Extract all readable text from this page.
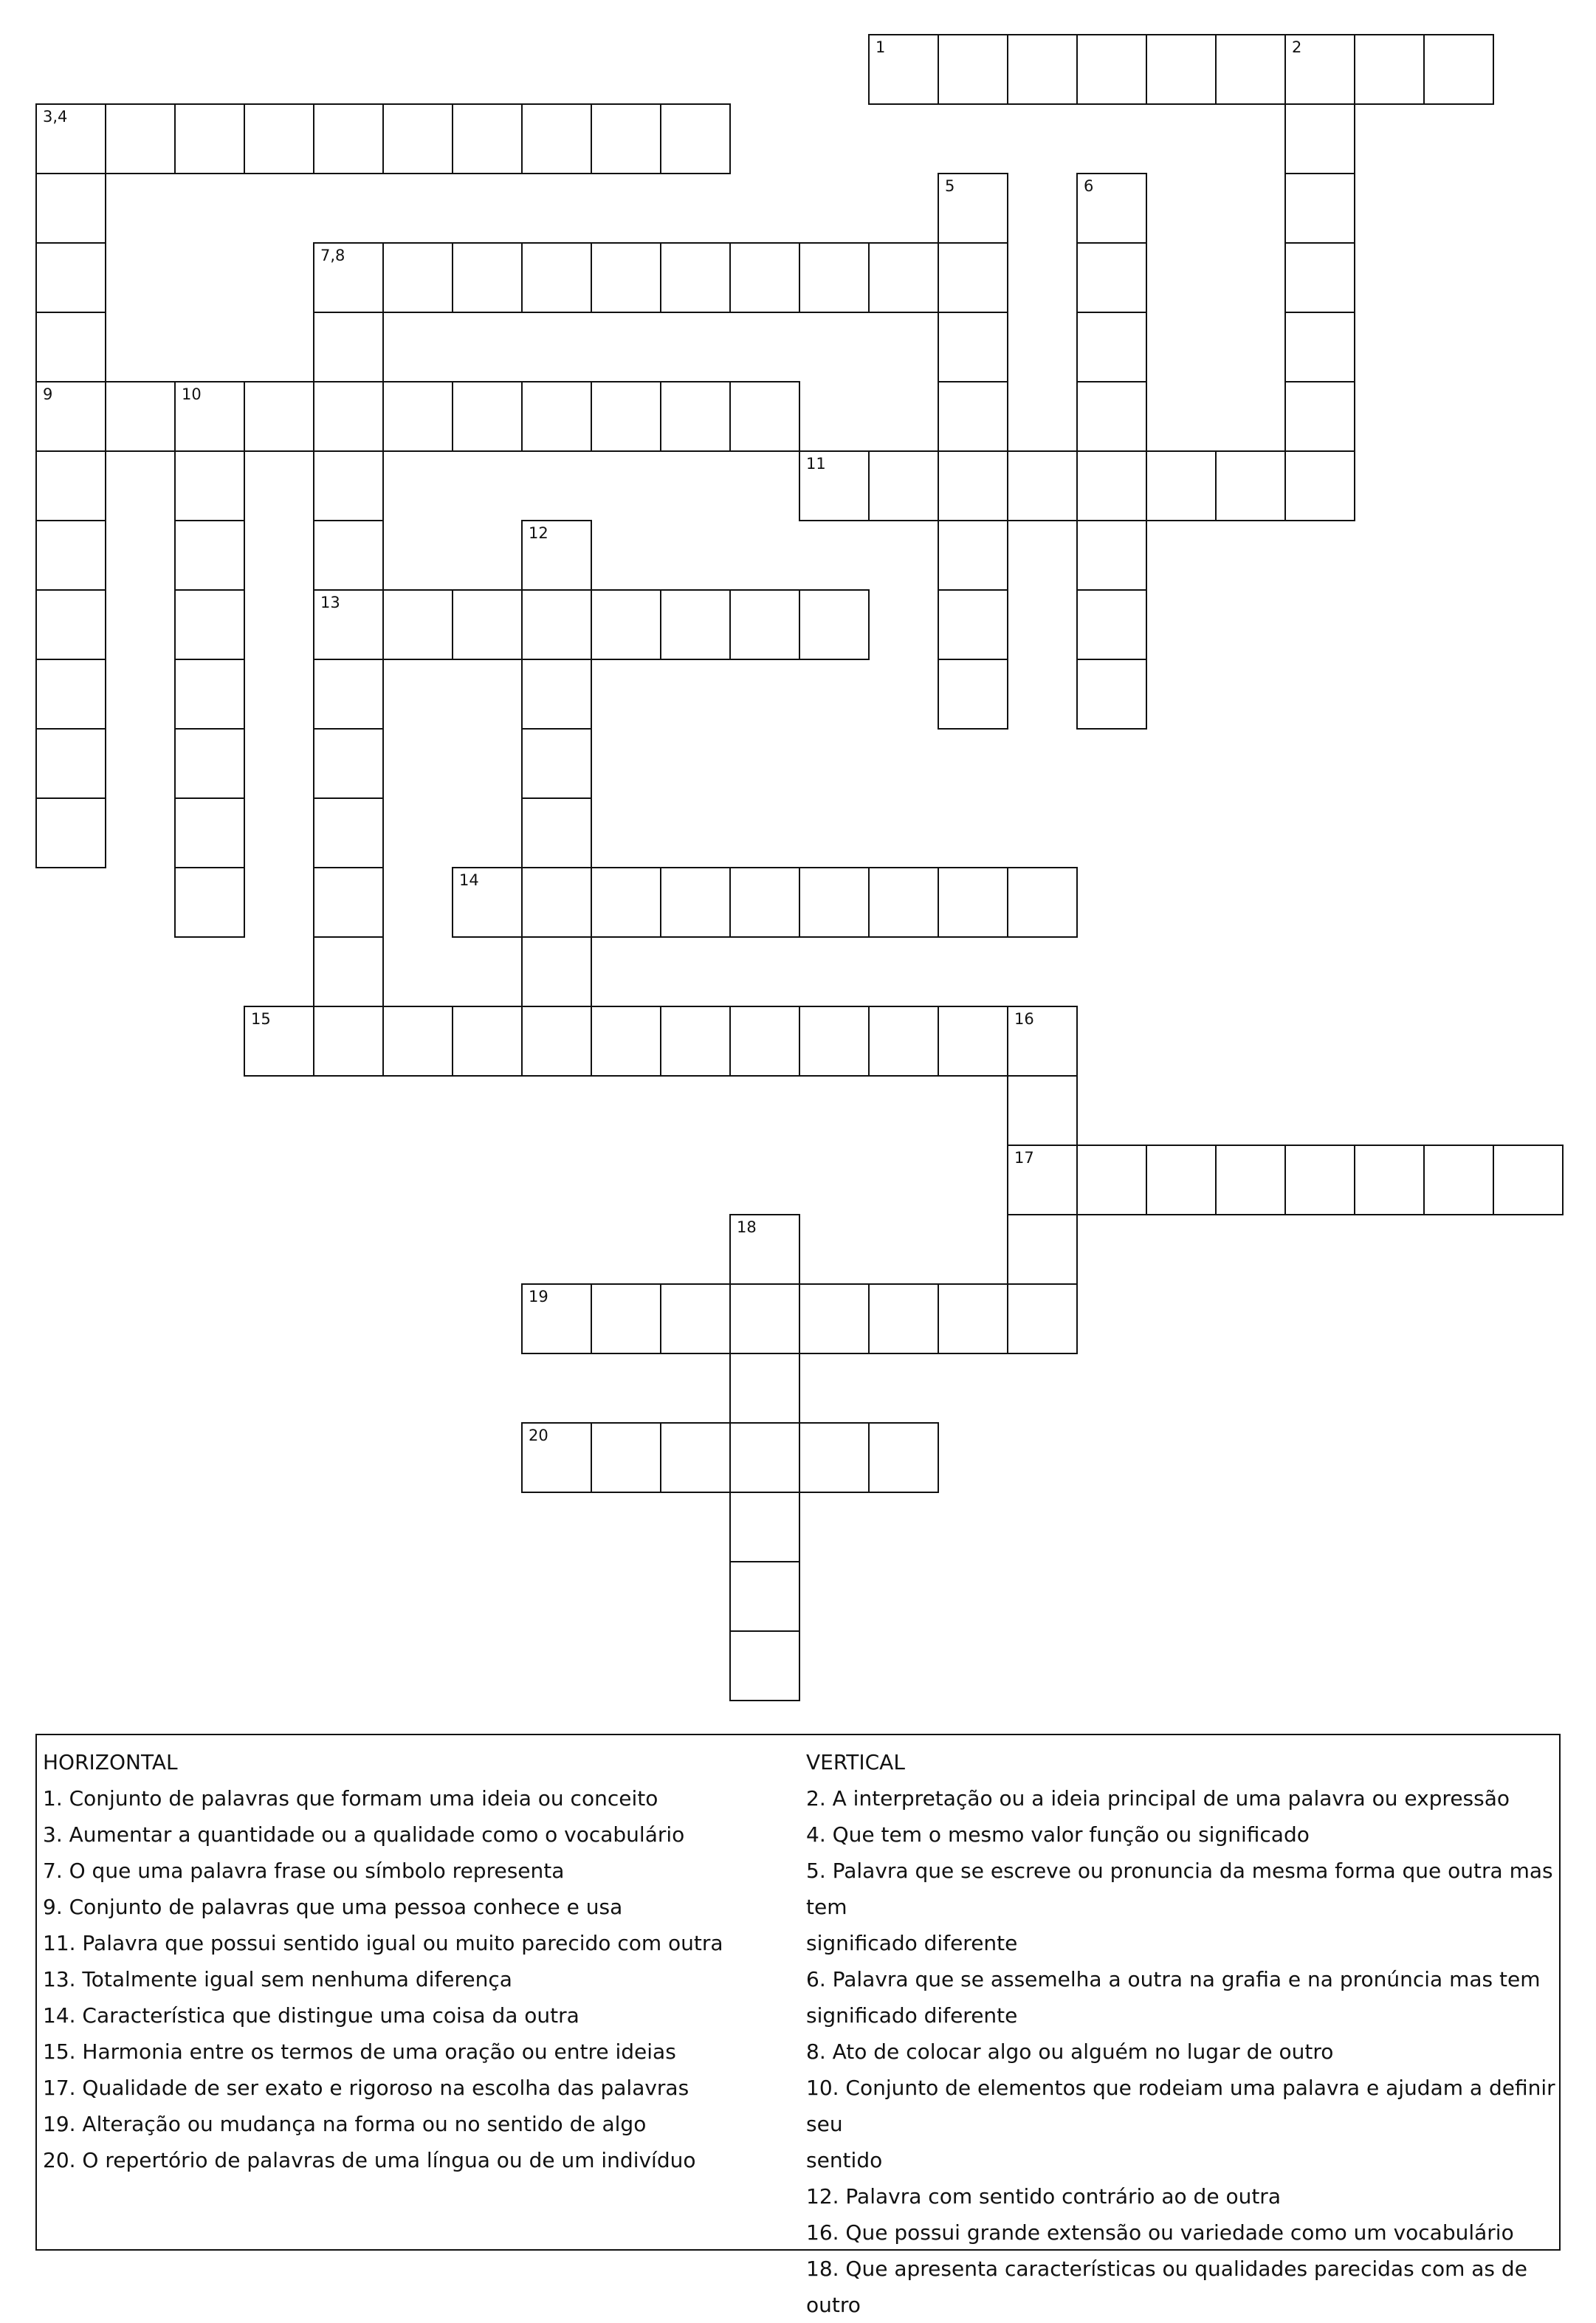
1	2
3,4
5	6
7,8
9	10
11
12
13
14
15	16
17
18
19
20
HORIZONTAL
1. Conjunto de palavras que formam uma ideia ou conceito
3. Aumentar a quantidade ou a qualidade como o vocabulário
7. O que uma palavra frase ou símbolo representa
9. Conjunto de palavras que uma pessoa conhece e usa
11. Palavra que possui sentido igual ou muito parecido com outra
13. Totalmente igual sem nenhuma diferença
14. Característica que distingue uma coisa da outra
15. Harmonia entre os termos de uma oração ou entre ideias
17. Qualidade de ser exato e rigoroso na escolha das palavras
19. Alteração ou mudança na forma ou no sentido de algo
20. O repertório de palavras de uma língua ou de um indivíduo
VERTICAL
2. A interpretação ou a ideia principal de uma palavra ou expressão
4. Que tem o mesmo valor função ou significado
5. Palavra que se escreve ou pronuncia da mesma forma que outra mas tem
significado diferente
6. Palavra que se assemelha a outra na grafia e na pronúncia mas tem
significado diferente
8. Ato de colocar algo ou alguém no lugar de outro
10. Conjunto de elementos que rodeiam uma palavra e ajudam a definir seu
sentido
12. Palavra com sentido contrário ao de outra
16. Que possui grande extensão ou variedade como um vocabulário
18. Que apresenta características ou qualidades parecidas com as de outro
